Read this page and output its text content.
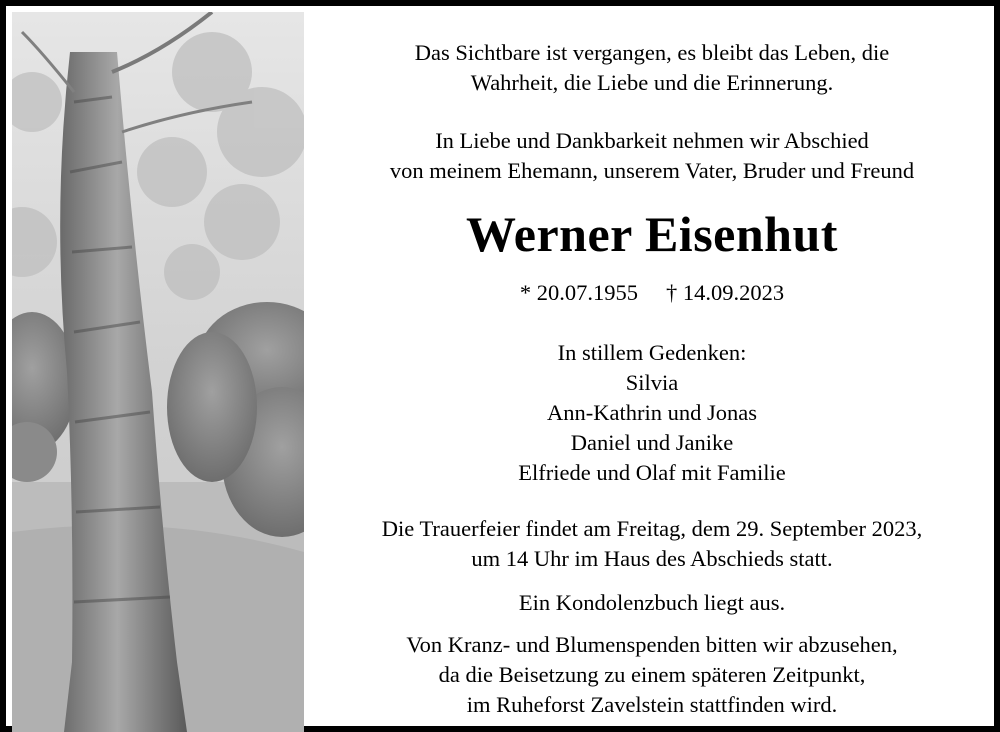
Das Sichtbare ist vergangen, es bleibt das Leben, die
Wahrheit, die Liebe und die Erinnerung.
In Liebe und Dankbarkeit nehmen wir Abschied
von meinem Ehemann, unserem Vater, Bruder und Freund
Werner Eisenhut
* 20.07.1955 † 14.09.2023
In stillem Gedenken:
Silvia
Ann-Kathrin und Jonas
Daniel und Janike
Elfriede und Olaf mit Familie
Die Trauerfeier findet am Freitag, dem 29. September 2023,
um 14 Uhr im Haus des Abschieds statt.
Ein Kondolenzbuch liegt aus.
Von Kranz- und Blumenspenden bitten wir abzusehen,
da die Beisetzung zu einem späteren Zeitpunkt,
im Ruheforst Zavelstein stattfinden wird.
